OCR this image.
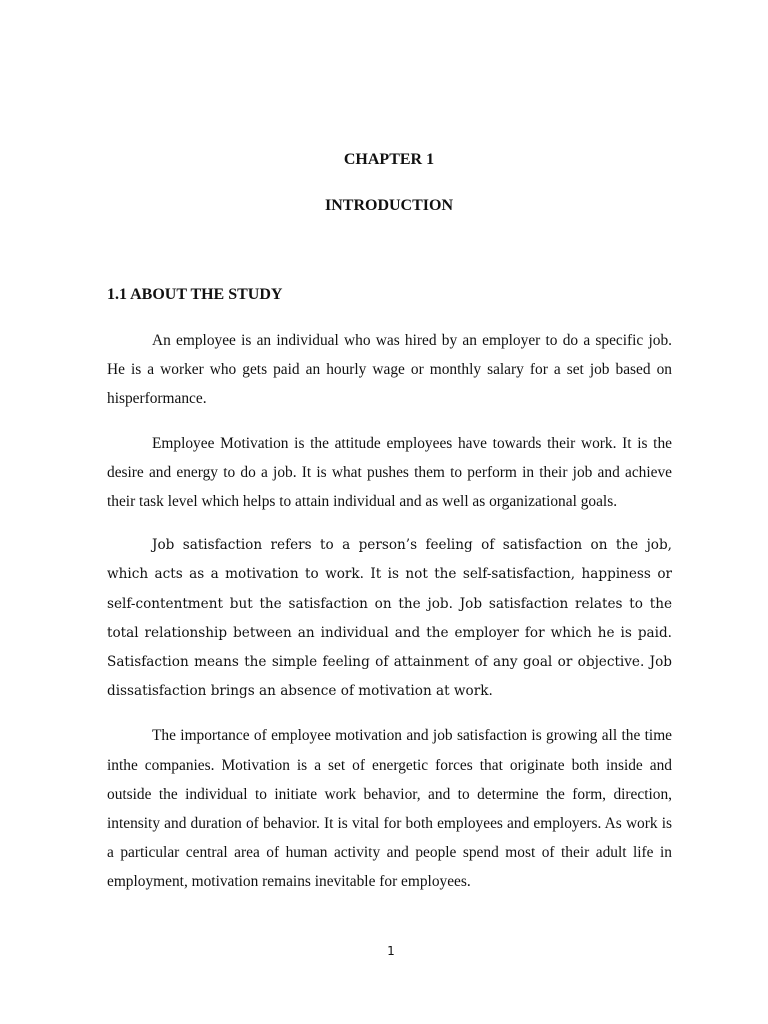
CHAPTER 1

INTRODUCTION

1.1 ABOUT THE STUDY

An employee is an individual who was hired by an employer to do a specific job. He is a worker who gets paid an hourly wage or monthly salary for a set job based on hisperformance.

Employee Motivation is the attitude employees have towards their work. It is the desire and energy to do a job. It is what pushes them to perform in their job and achieve their task level which helps to attain individual and as well as organizational goals.

Job satisfaction refers to a person’s feeling of satisfaction on the job, which acts as a motivation to work. It is not the self-satisfaction, happiness or self-contentment but the satisfaction on the job. Job satisfaction relates to the total relationship between an individual and the employer for which he is paid. Satisfaction means the simple feeling of attainment of any goal or objective. Job dissatisfaction brings an absence of motivation at work.

The importance of employee motivation and job satisfaction is growing all the time inthe companies. Motivation is a set of energetic forces that originate both inside and outside the individual to initiate work behavior, and to determine the form, direction, intensity and duration of behavior. It is vital for both employees and employers. As work is a particular central area of human activity and people spend most of their adult life in employment, motivation remains inevitable for employees.

1
